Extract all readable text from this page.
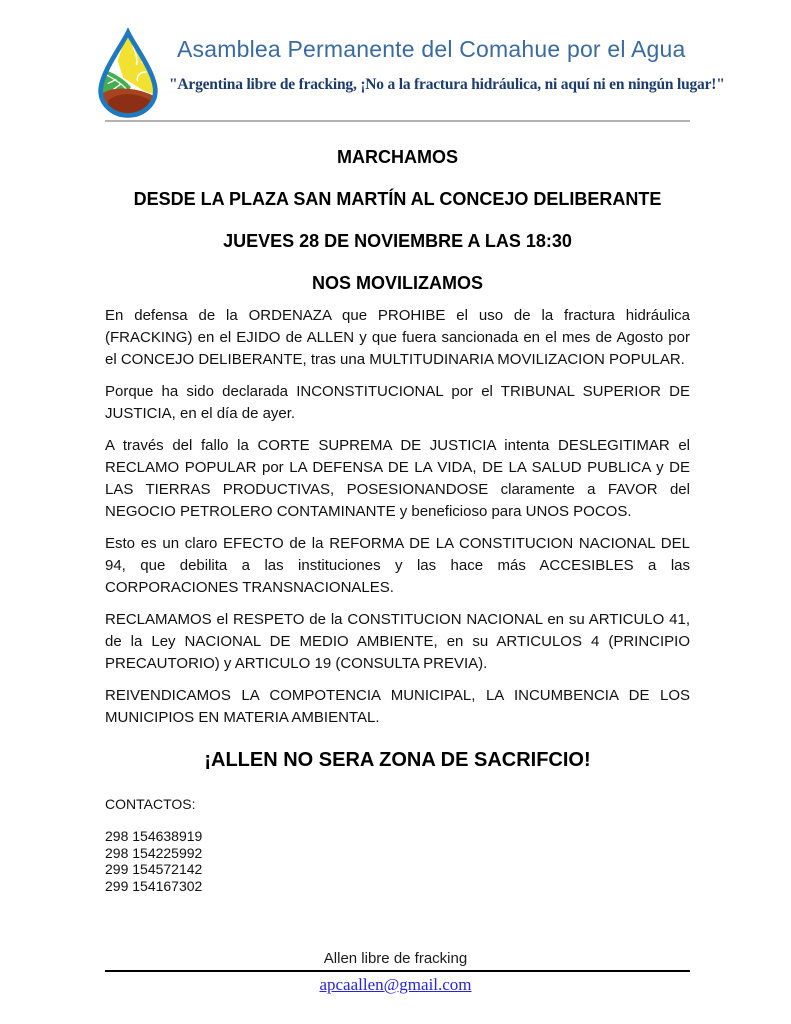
Asamblea Permanente del Comahue por el Agua
"Argentina libre de fracking, ¡No a la fractura hidráulica, ni aquí ni en ningún lugar!"
MARCHAMOS
DESDE LA PLAZA SAN MARTÍN AL CONCEJO DELIBERANTE
JUEVES 28 DE NOVIEMBRE A LAS 18:30
NOS MOVILIZAMOS

En defensa de la ORDENAZA que PROHIBE el uso de la fractura hidráulica (FRACKING) en el EJIDO de ALLEN y que fuera sancionada en el mes de Agosto por el CONCEJO DELIBERANTE, tras una MULTITUDINARIA MOVILIZACION POPULAR.

Porque ha sido declarada INCONSTITUCIONAL por el TRIBUNAL SUPERIOR DE JUSTICIA, en el día de ayer.

A través del fallo la CORTE SUPREMA DE JUSTICIA intenta DESLEGITIMAR el RECLAMO POPULAR por LA DEFENSA DE LA VIDA, DE LA SALUD PUBLICA y DE LAS TIERRAS PRODUCTIVAS, POSESIONANDOSE claramente a FAVOR del NEGOCIO PETROLERO CONTAMINANTE y beneficioso para UNOS POCOS.

Esto es un claro EFECTO de la REFORMA DE LA CONSTITUCION NACIONAL DEL 94, que debilita a las instituciones y las hace más ACCESIBLES a las CORPORACIONES TRANSNACIONALES.

RECLAMAMOS el RESPETO de la CONSTITUCION NACIONAL en su ARTICULO 41, de la Ley NACIONAL DE MEDIO AMBIENTE, en su ARTICULOS 4 (PRINCIPIO PRECAUTORIO) y ARTICULO 19 (CONSULTA PREVIA).

REIVENDICAMOS LA COMPOTENCIA MUNICIPAL, LA INCUMBENCIA DE LOS MUNICIPIOS EN MATERIA AMBIENTAL.

¡ALLEN NO SERA ZONA DE SACRIFCIO!
CONTACTOS:
298 154638919
298 154225992
299 154572142
299 154167302
Allen libre de fracking
apcaallen@gmail.com
